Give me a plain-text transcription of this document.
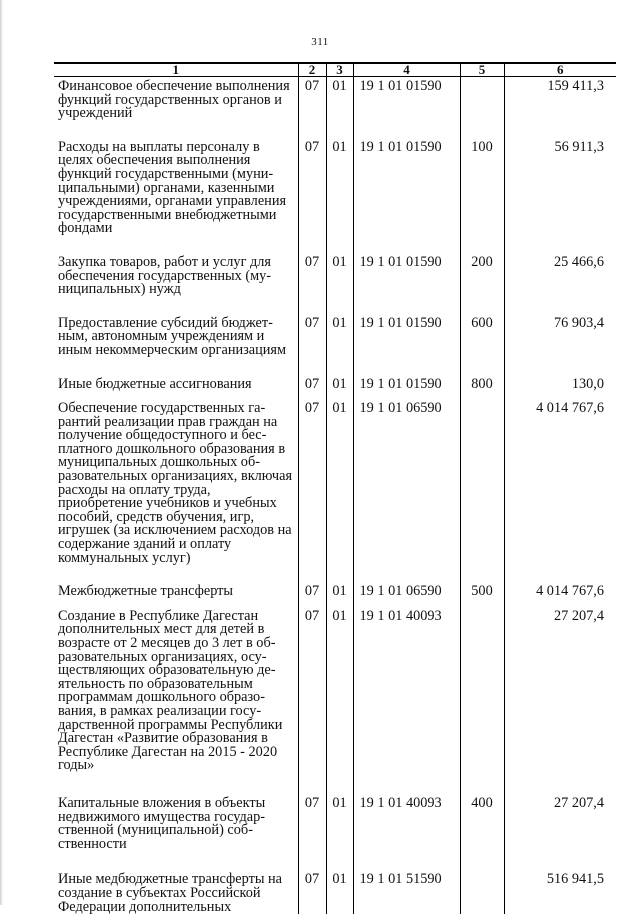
311
1	2	3	4	5	6
Финансовое обеспечение выполнения функций государственных органов и учреждений	07	01	19 1 01 01590		159 411,3
Расходы на выплаты персоналу в целях обеспечения выполнения функций государственными (муниципальными) органами, казенными учреждениями, органами управления государственными внебюджетными фондами	07	01	19 1 01 01590	100	56 911,3
Закупка товаров, работ и услуг для обеспечения государственных (муниципальных) нужд	07	01	19 1 01 01590	200	25 466,6
Предоставление субсидий бюджетным, автономным учреждениям и иным некоммерческим организациям	07	01	19 1 01 01590	600	76 903,4
Иные бюджетные ассигнования	07	01	19 1 01 01590	800	130,0
Обеспечение государственных гарантий реализации прав граждан на получение общедоступного и бесплатного дошкольного образования в муниципальных дошкольных образовательных организациях, включая расходы на оплату труда, приобретение учебников и учебных пособий, средств обучения, игр, игрушек (за исключением расходов на содержание зданий и оплату коммунальных услуг)	07	01	19 1 01 06590		4 014 767,6
Межбюджетные трансферты	07	01	19 1 01 06590	500	4 014 767,6
Создание в Республике Дагестан дополнительных мест для детей в возрасте от 2 месяцев до 3 лет в образовательных организациях, осуществляющих образовательную деятельность по образовательным программам дошкольного образования, в рамках реализации государственной программы Республики Дагестан «Развитие образования в Республике Дагестан на 2015 - 2020 годы»	07	01	19 1 01 40093		27 207,4
Капитальные вложения в объекты недвижимого имущества государственной (муниципальной) собственности	07	01	19 1 01 40093	400	27 207,4
Иные медбюджетные трансферты на создание в субъектах Российской Федерации дополнительных	07	01	19 1 01 51590		516 941,5
